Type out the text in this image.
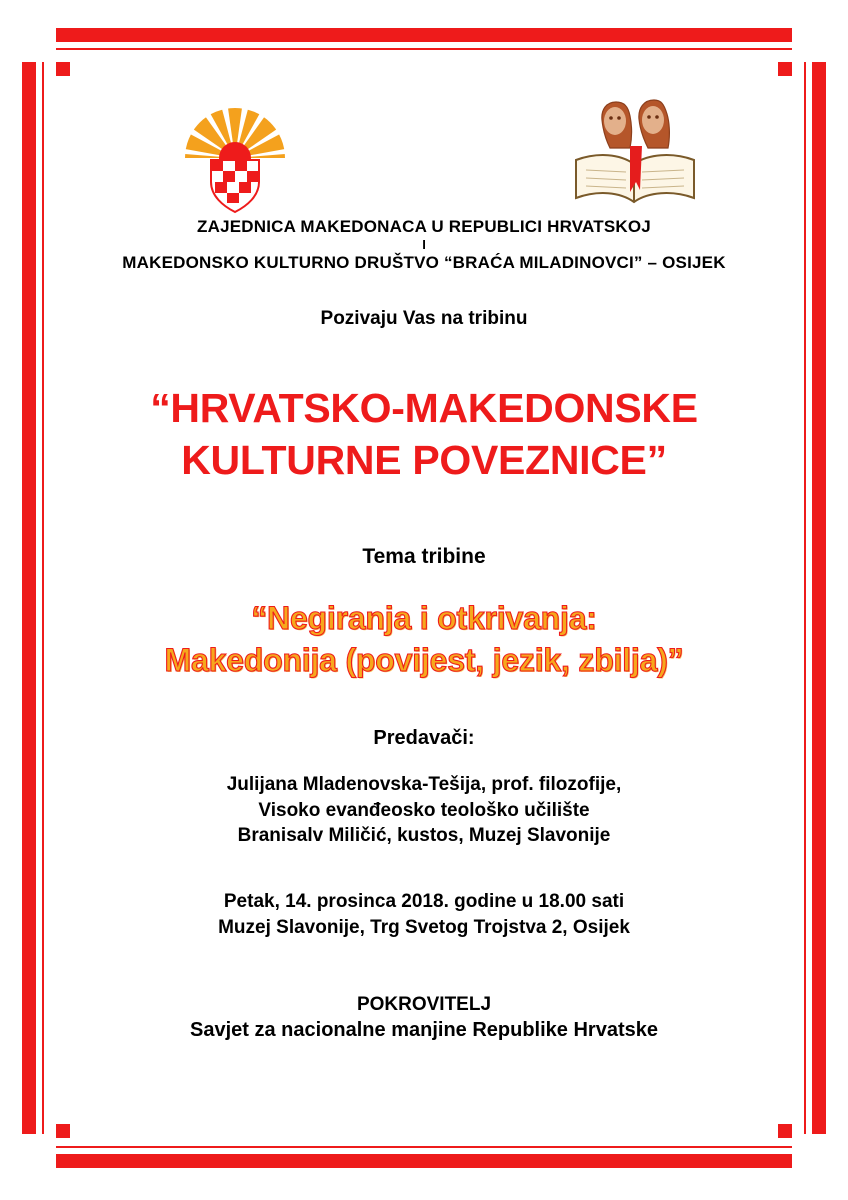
ZAJEDNICA MAKEDONACA U REPUBLICI HRVATSKOJ
I
MAKEDONSKO KULTURNO DRUŠTVO “BRAĆA MILADINOVCI” – OSIJEK
Pozivaju Vas na tribinu
“HRVATSKO-MAKEDONSKE
KULTURNE POVEZNICE”
Tema tribine
“Negiranja i otkrivanja:
Makedonija (povijest, jezik, zbilja)”
Predavači:
Julijana Mladenovska-Tešija, prof. filozofije,
Visoko evanđeosko teološko učilište
Branisalv Miličić, kustos, Muzej Slavonije
Petak, 14. prosinca 2018. godine u 18.00 sati
Muzej Slavonije, Trg Svetog Trojstva 2, Osijek
POKROVITELJ
Savjet za nacionalne manjine Republike Hrvatske
